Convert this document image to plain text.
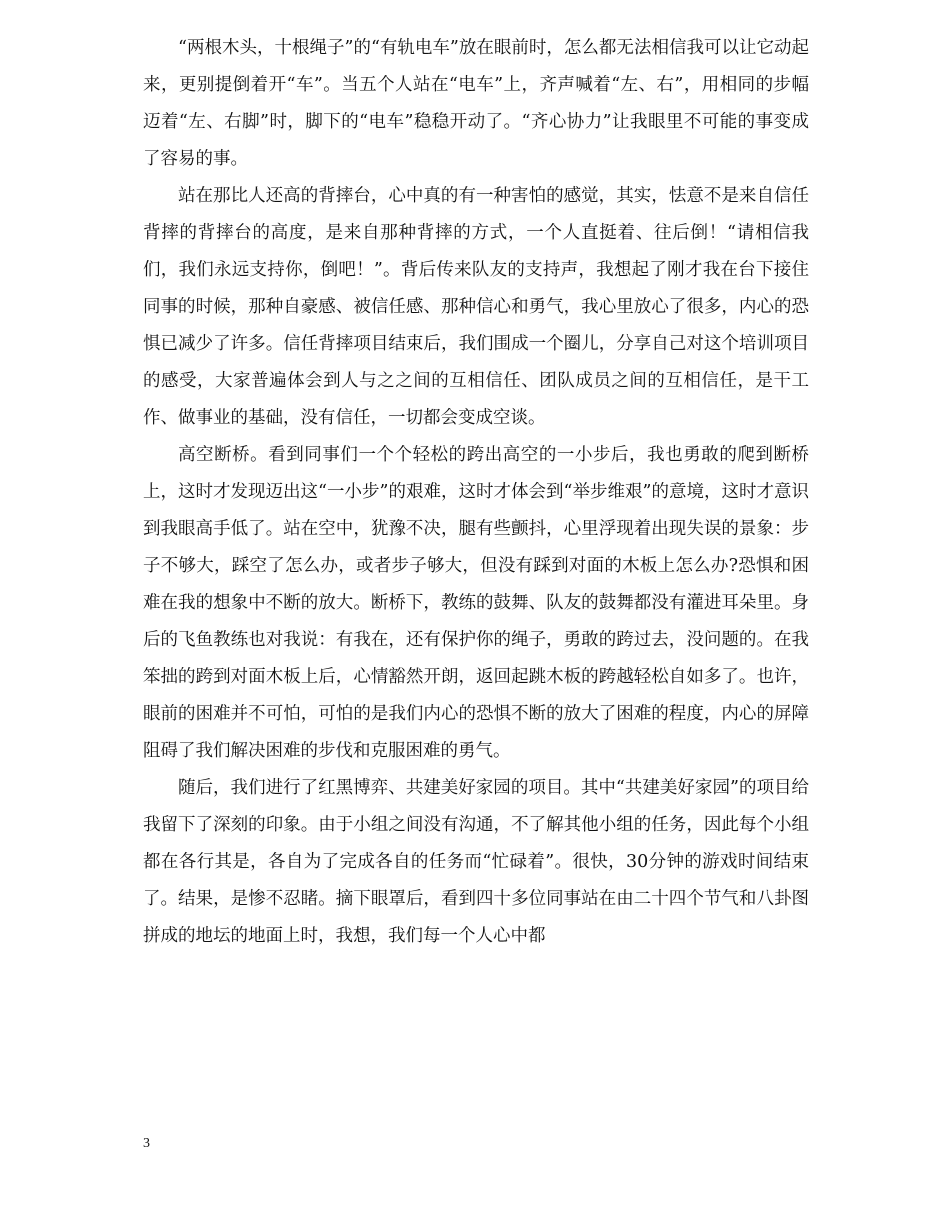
“两根木头，十根绳子”的“有轨电车”放在眼前时，怎么都无法相信我可以让它动起来，更别提倒着开“车”。当五个人站在“电车”上，齐声喊着“左、右”，用相同的步幅迈着“左、右脚”时，脚下的“电车”稳稳开动了。“齐心协力”让我眼里不可能的事变成了容易的事。

站在那比人还高的背摔台，心中真的有一种害怕的感觉，其实，怯意不是来自信任背摔的背摔台的高度，是来自那种背摔的方式，一个人直挺着、往后倒！“请相信我们，我们永远支持你，倒吧！”。背后传来队友的支持声，我想起了刚才我在台下接住同事的时候，那种自豪感、被信任感、那种信心和勇气，我心里放心了很多，内心的恐惧已减少了许多。信任背摔项目结束后，我们围成一个圈儿，分享自己对这个培训项目的感受，大家普遍体会到人与之之间的互相信任、团队成员之间的互相信任，是干工作、做事业的基础，没有信任，一切都会变成空谈。

高空断桥。看到同事们一个个轻松的跨出高空的一小步后，我也勇敢的爬到断桥上，这时才发现迈出这“一小步”的艰难，这时才体会到“举步维艰”的意境，这时才意识到我眼高手低了。站在空中，犹豫不决，腿有些颤抖，心里浮现着出现失误的景象：步子不够大，踩空了怎么办，或者步子够大，但没有踩到对面的木板上怎么办?恐惧和困难在我的想象中不断的放大。断桥下，教练的鼓舞、队友的鼓舞都没有灌进耳朵里。身后的飞鱼教练也对我说：有我在，还有保护你的绳子，勇敢的跨过去，没问题的。在我笨拙的跨到对面木板上后，心情豁然开朗，返回起跳木板的跨越轻松自如多了。也许，眼前的困难并不可怕，可怕的是我们内心的恐惧不断的放大了困难的程度，内心的屏障阻碍了我们解决困难的步伐和克服困难的勇气。

随后，我们进行了红黑博弈、共建美好家园的项目。其中“共建美好家园”的项目给我留下了深刻的印象。由于小组之间没有沟通，不了解其他小组的任务，因此每个小组都在各行其是，各自为了完成各自的任务而“忙碌着”。很快，30分钟的游戏时间结束了。结果，是惨不忍睹。摘下眼罩后，看到四十多位同事站在由二十四个节气和八卦图拼成的地坛的地面上时，我想，我们每一个人心中都

3
